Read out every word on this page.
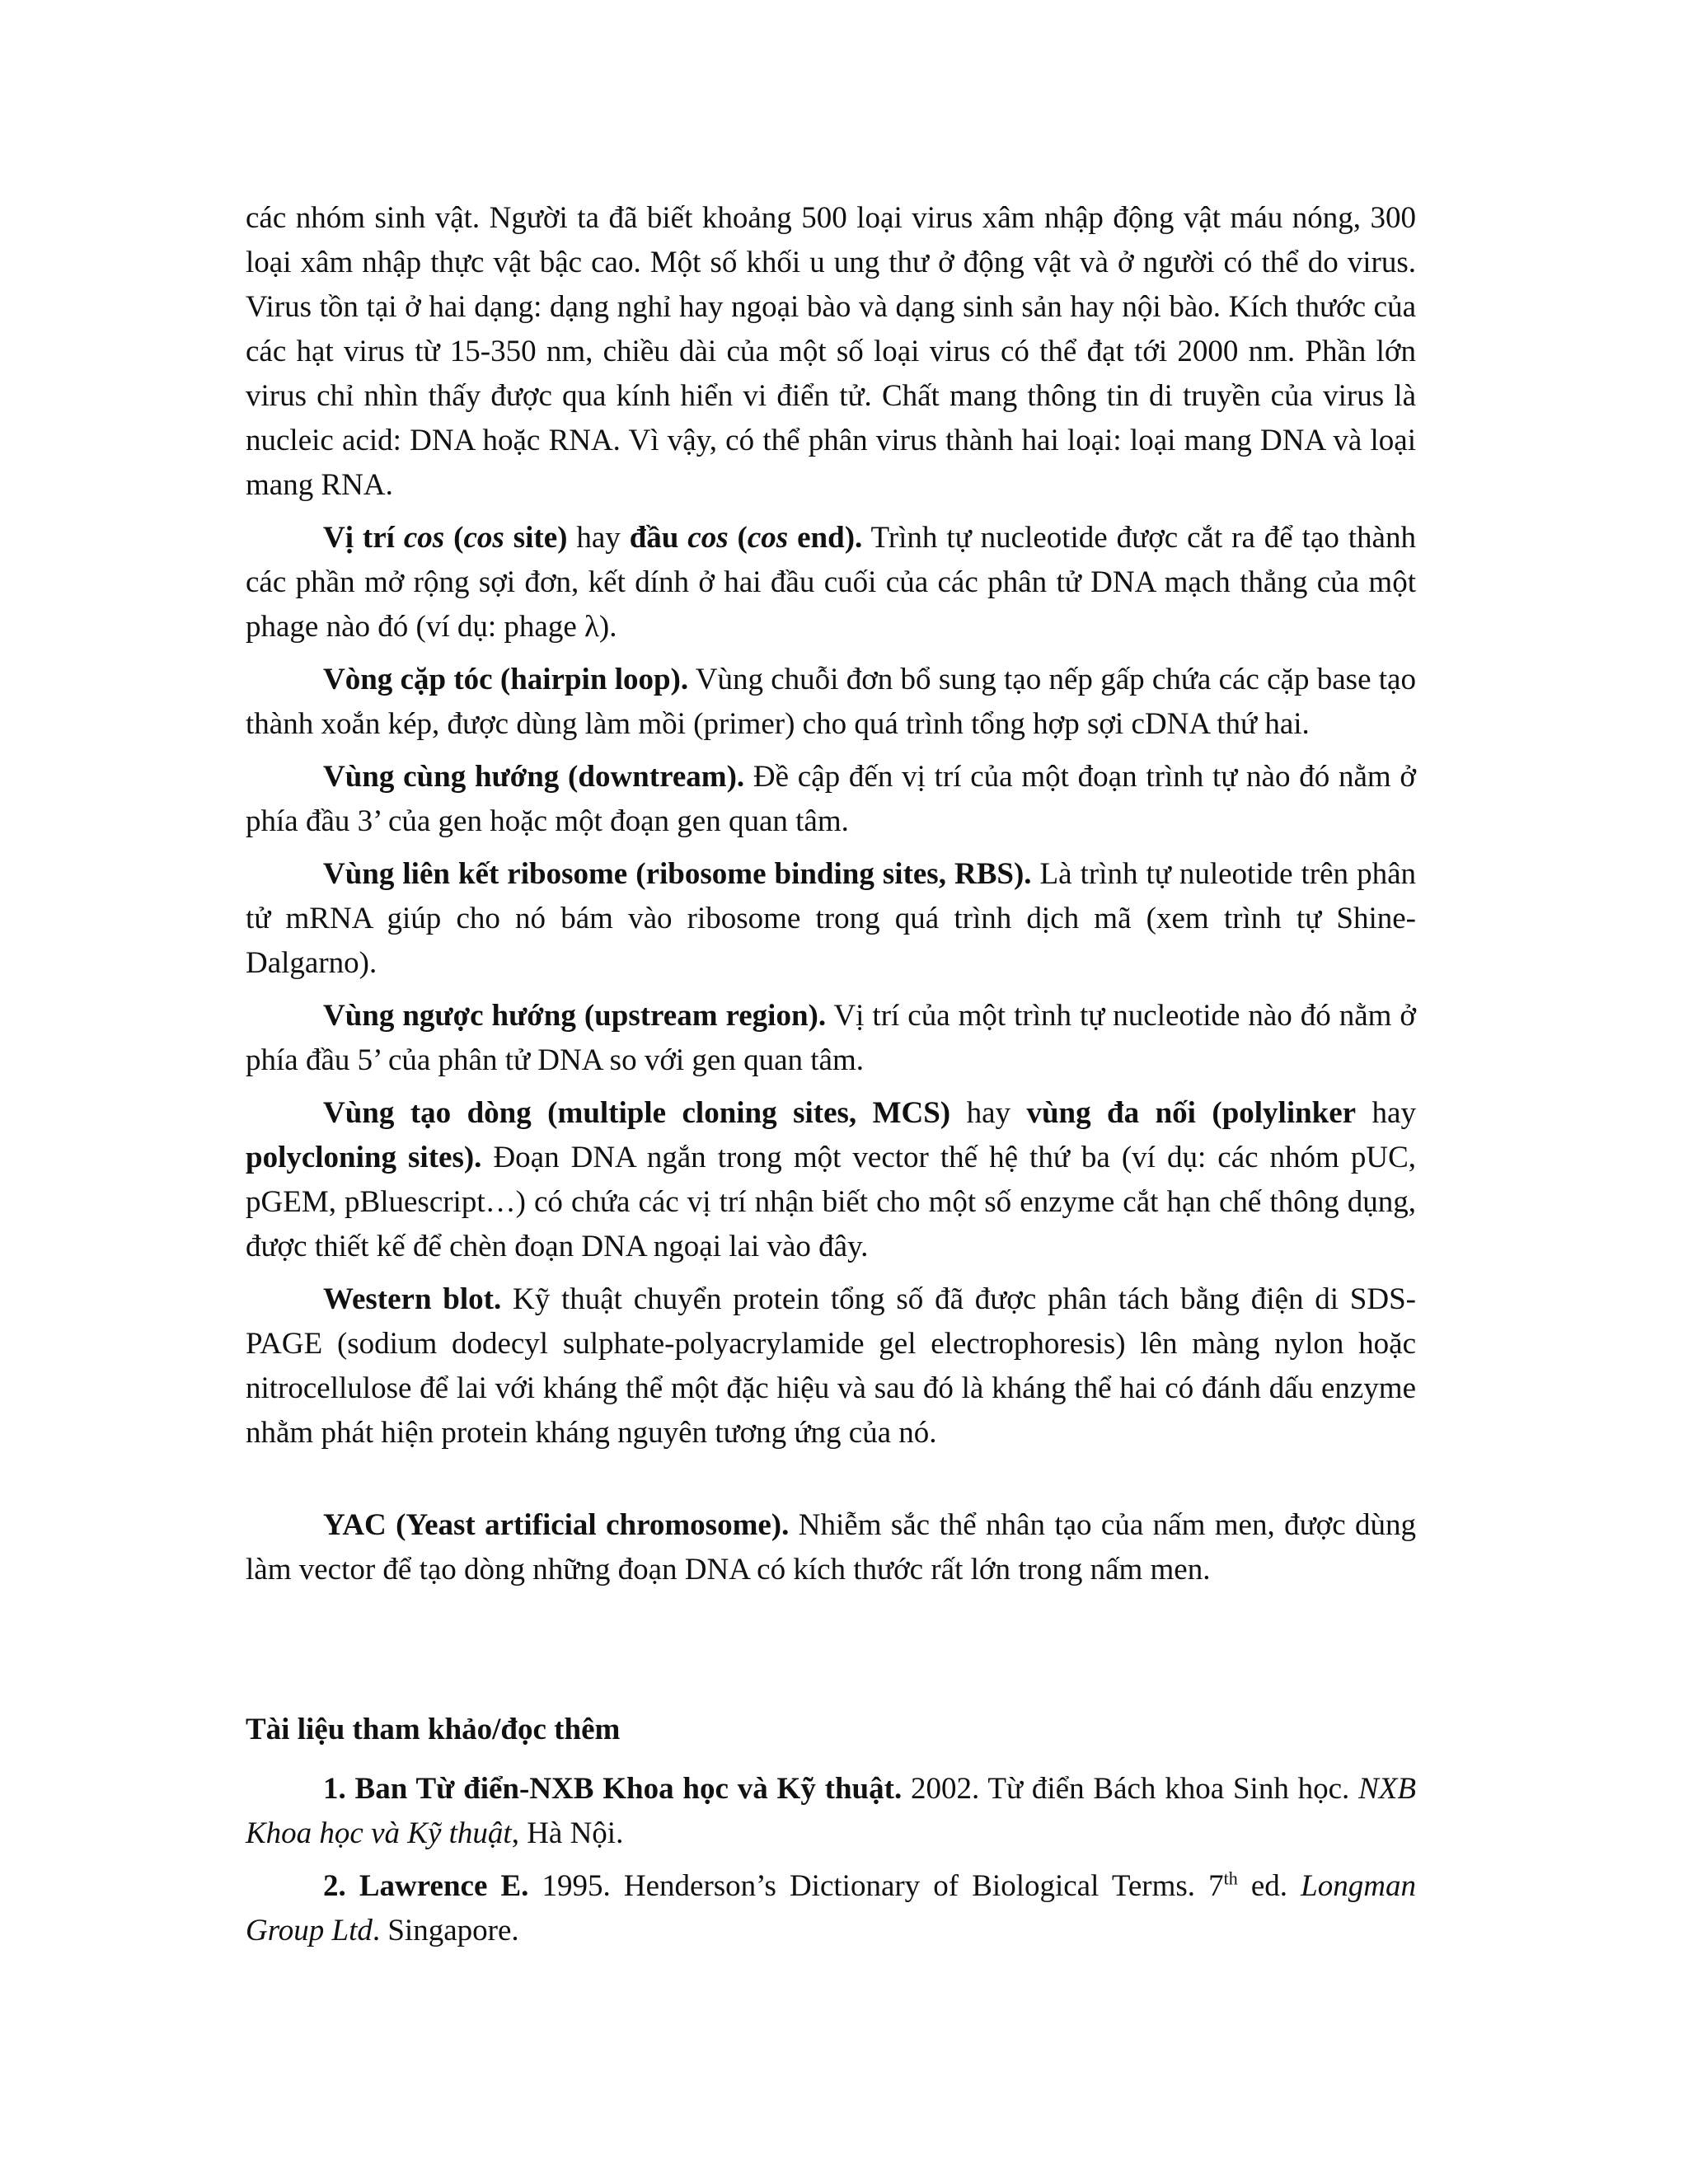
các nhóm sinh vật. Người ta đã biết khoảng 500 loại virus xâm nhập động vật máu nóng, 300 loại xâm nhập thực vật bậc cao. Một số khối u ung thư ở động vật và ở người có thể do virus. Virus tồn tại ở hai dạng: dạng nghỉ hay ngoại bào và dạng sinh sản hay nội bào. Kích thước của các hạt virus từ 15-350 nm, chiều dài của một số loại virus có thể đạt tới 2000 nm. Phần lớn virus chỉ nhìn thấy được qua kính hiển vi điển tử. Chất mang thông tin di truyền của virus là nucleic acid: DNA hoặc RNA. Vì vậy, có thể phân virus thành hai loại: loại mang DNA và loại mang RNA.

Vị trí cos (cos site) hay đầu cos (cos end). Trình tự nucleotide được cắt ra để tạo thành các phần mở rộng sợi đơn, kết dính ở hai đầu cuối của các phân tử DNA mạch thẳng của một phage nào đó (ví dụ: phage λ).

Vòng cặp tóc (hairpin loop). Vùng chuỗi đơn bổ sung tạo nếp gấp chứa các cặp base tạo thành xoắn kép, được dùng làm mồi (primer) cho quá trình tổng hợp sợi cDNA thứ hai.

Vùng cùng hướng (downtream). Đề cập đến vị trí của một đoạn trình tự nào đó nằm ở phía đầu 3’ của gen hoặc một đoạn gen quan tâm.

Vùng liên kết ribosome (ribosome binding sites, RBS). Là trình tự nuleotide trên phân tử mRNA giúp cho nó bám vào ribosome trong quá trình dịch mã (xem trình tự Shine-Dalgarno).

Vùng ngược hướng (upstream region). Vị trí của một trình tự nucleotide nào đó nằm ở phía đầu 5’ của phân tử DNA so với gen quan tâm.

Vùng tạo dòng (multiple cloning sites, MCS) hay vùng đa nối (polylinker hay polycloning sites). Đoạn DNA ngắn trong một vector thế hệ thứ ba (ví dụ: các nhóm pUC, pGEM, pBluescript…) có chứa các vị trí nhận biết cho một số enzyme cắt hạn chế thông dụng, được thiết kế để chèn đoạn DNA ngoại lai vào đây.

Western blot. Kỹ thuật chuyển protein tổng số đã được phân tách bằng điện di SDS-PAGE (sodium dodecyl sulphate-polyacrylamide gel electrophoresis) lên màng nylon hoặc nitrocellulose để lai với kháng thể một đặc hiệu và sau đó là kháng thể hai có đánh dấu enzyme nhằm phát hiện protein kháng nguyên tương ứng của nó.

YAC (Yeast artificial chromosome). Nhiễm sắc thể nhân tạo của nấm men, được dùng làm vector để tạo dòng những đoạn DNA có kích thước rất lớn trong nấm men.

Tài liệu tham khảo/đọc thêm

1. Ban Từ điển-NXB Khoa học và Kỹ thuật. 2002. Từ điển Bách khoa Sinh học. NXB Khoa học và Kỹ thuật, Hà Nội.

2. Lawrence E. 1995. Henderson’s Dictionary of Biological Terms. 7th ed. Longman Group Ltd. Singapore.
